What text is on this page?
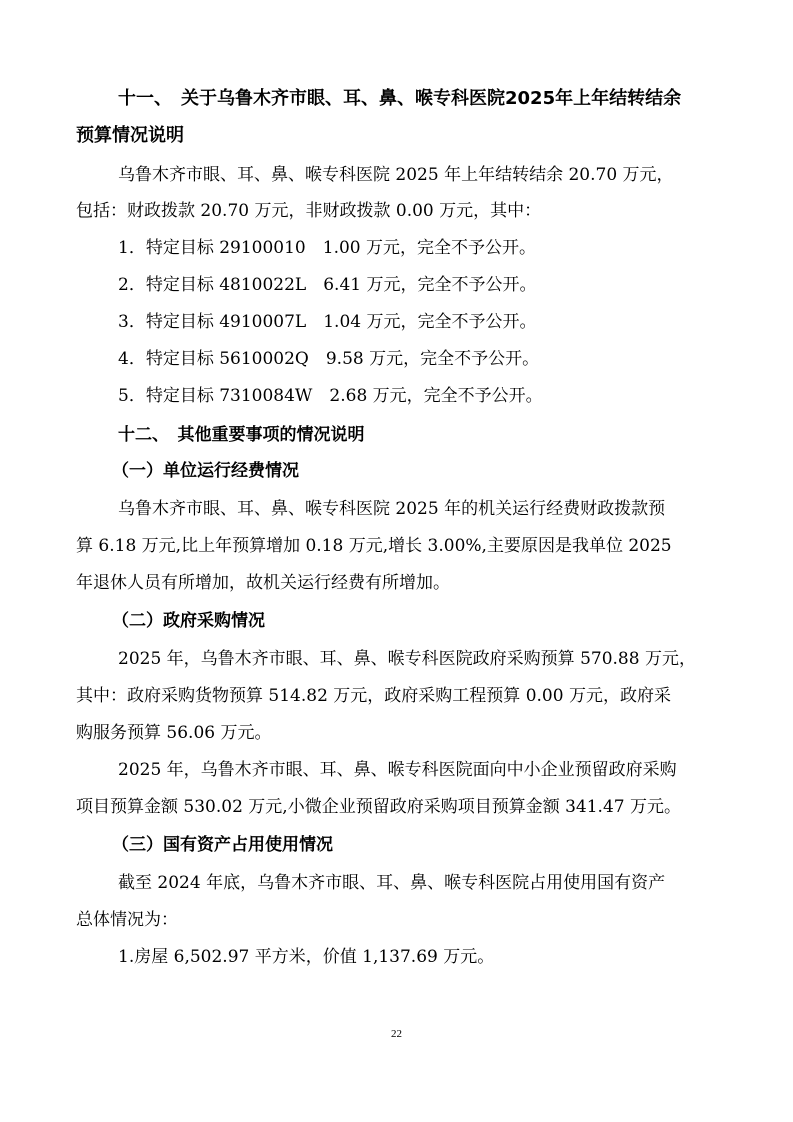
十一、　关于乌鲁木齐市眼、耳、鼻、喉专科医院2025年上年结转结余
预算情况说明
乌鲁木齐市眼、耳、鼻、喉专科医院 2025 年上年结转结余 20.70 万元，
包括：财政拨款 20.70 万元，非财政拨款 0.00 万元，其中：
1．特定目标 29100010　1.00 万元，完全不予公开。
2．特定目标 4810022L　6.41 万元，完全不予公开。
3．特定目标 4910007L　1.04 万元，完全不予公开。
4．特定目标 5610002Q　9.58 万元，完全不予公开。
5．特定目标 7310084W　2.68 万元，完全不予公开。
十二、　其他重要事项的情况说明
（一）单位运行经费情况
乌鲁木齐市眼、耳、鼻、喉专科医院 2025 年的机关运行经费财政拨款预
算 6.18 万元,比上年预算增加 0.18 万元,增长 3.00%,主要原因是我单位 2025
年退休人员有所增加，故机关运行经费有所增加。
（二）政府采购情况
2025 年，乌鲁木齐市眼、耳、鼻、喉专科医院政府采购预算 570.88 万元，
其中：政府采购货物预算 514.82 万元，政府采购工程预算 0.00 万元，政府采
购服务预算 56.06 万元。
2025 年，乌鲁木齐市眼、耳、鼻、喉专科医院面向中小企业预留政府采购
项目预算金额 530.02 万元,小微企业预留政府采购项目预算金额 341.47 万元。
（三）国有资产占用使用情况
截至 2024 年底，乌鲁木齐市眼、耳、鼻、喉专科医院占用使用国有资产
总体情况为：
1.房屋 6,502.97 平方米，价值 1,137.69 万元。
22
